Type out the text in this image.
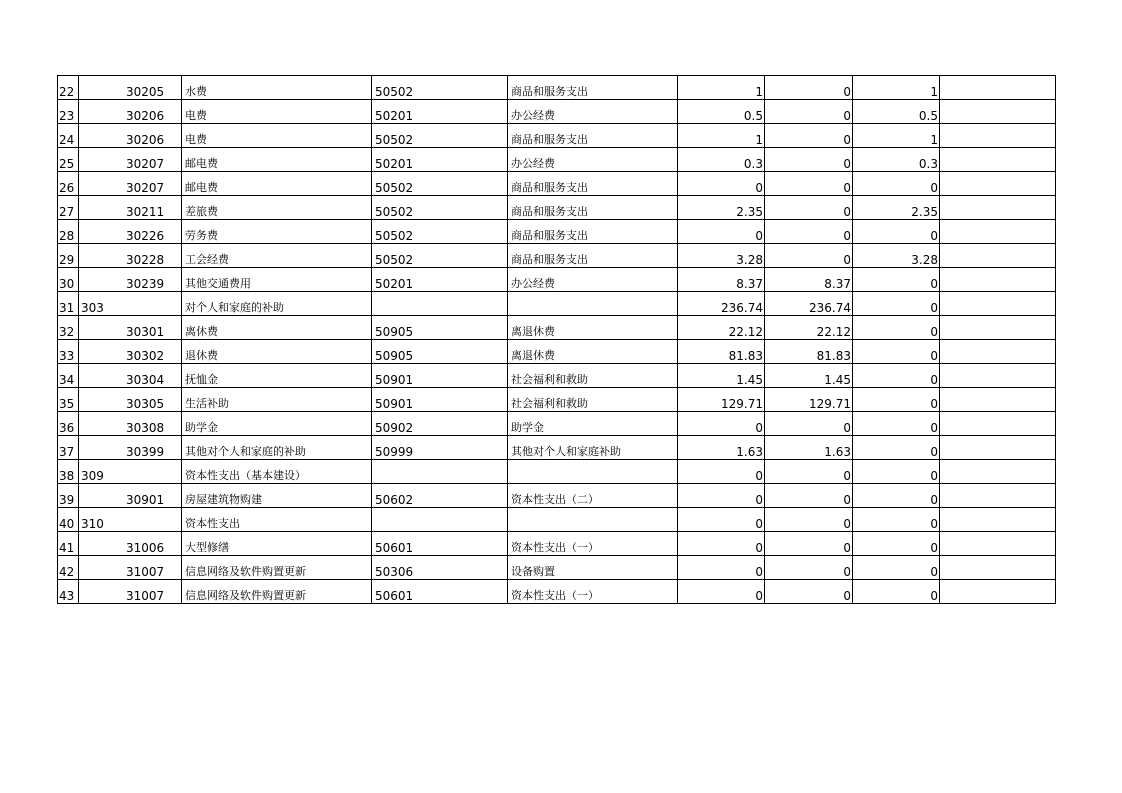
22	30205	水费	50502	商品和服务支出	1	0	1	
23	30206	电费	50201	办公经费	0.5	0	0.5	
24	30206	电费	50502	商品和服务支出	1	0	1	
25	30207	邮电费	50201	办公经费	0.3	0	0.3	
26	30207	邮电费	50502	商品和服务支出	0	0	0	
27	30211	差旅费	50502	商品和服务支出	2.35	0	2.35	
28	30226	劳务费	50502	商品和服务支出	0	0	0	
29	30228	工会经费	50502	商品和服务支出	3.28	0	3.28	
30	30239	其他交通费用	50201	办公经费	8.37	8.37	0	
31	303	对个人和家庭的补助			236.74	236.74	0	
32	30301	离休费	50905	离退休费	22.12	22.12	0	
33	30302	退休费	50905	离退休费	81.83	81.83	0	
34	30304	抚恤金	50901	社会福利和救助	1.45	1.45	0	
35	30305	生活补助	50901	社会福利和救助	129.71	129.71	0	
36	30308	助学金	50902	助学金	0	0	0	
37	30399	其他对个人和家庭的补助	50999	其他对个人和家庭补助	1.63	1.63	0	
38	309	资本性支出（基本建设）			0	0	0	
39	30901	房屋建筑物购建	50602	资本性支出（二）	0	0	0	
40	310	资本性支出			0	0	0	
41	31006	大型修缮	50601	资本性支出（一）	0	0	0	
42	31007	信息网络及软件购置更新	50306	设备购置	0	0	0	
43	31007	信息网络及软件购置更新	50601	资本性支出（一）	0	0	0	
